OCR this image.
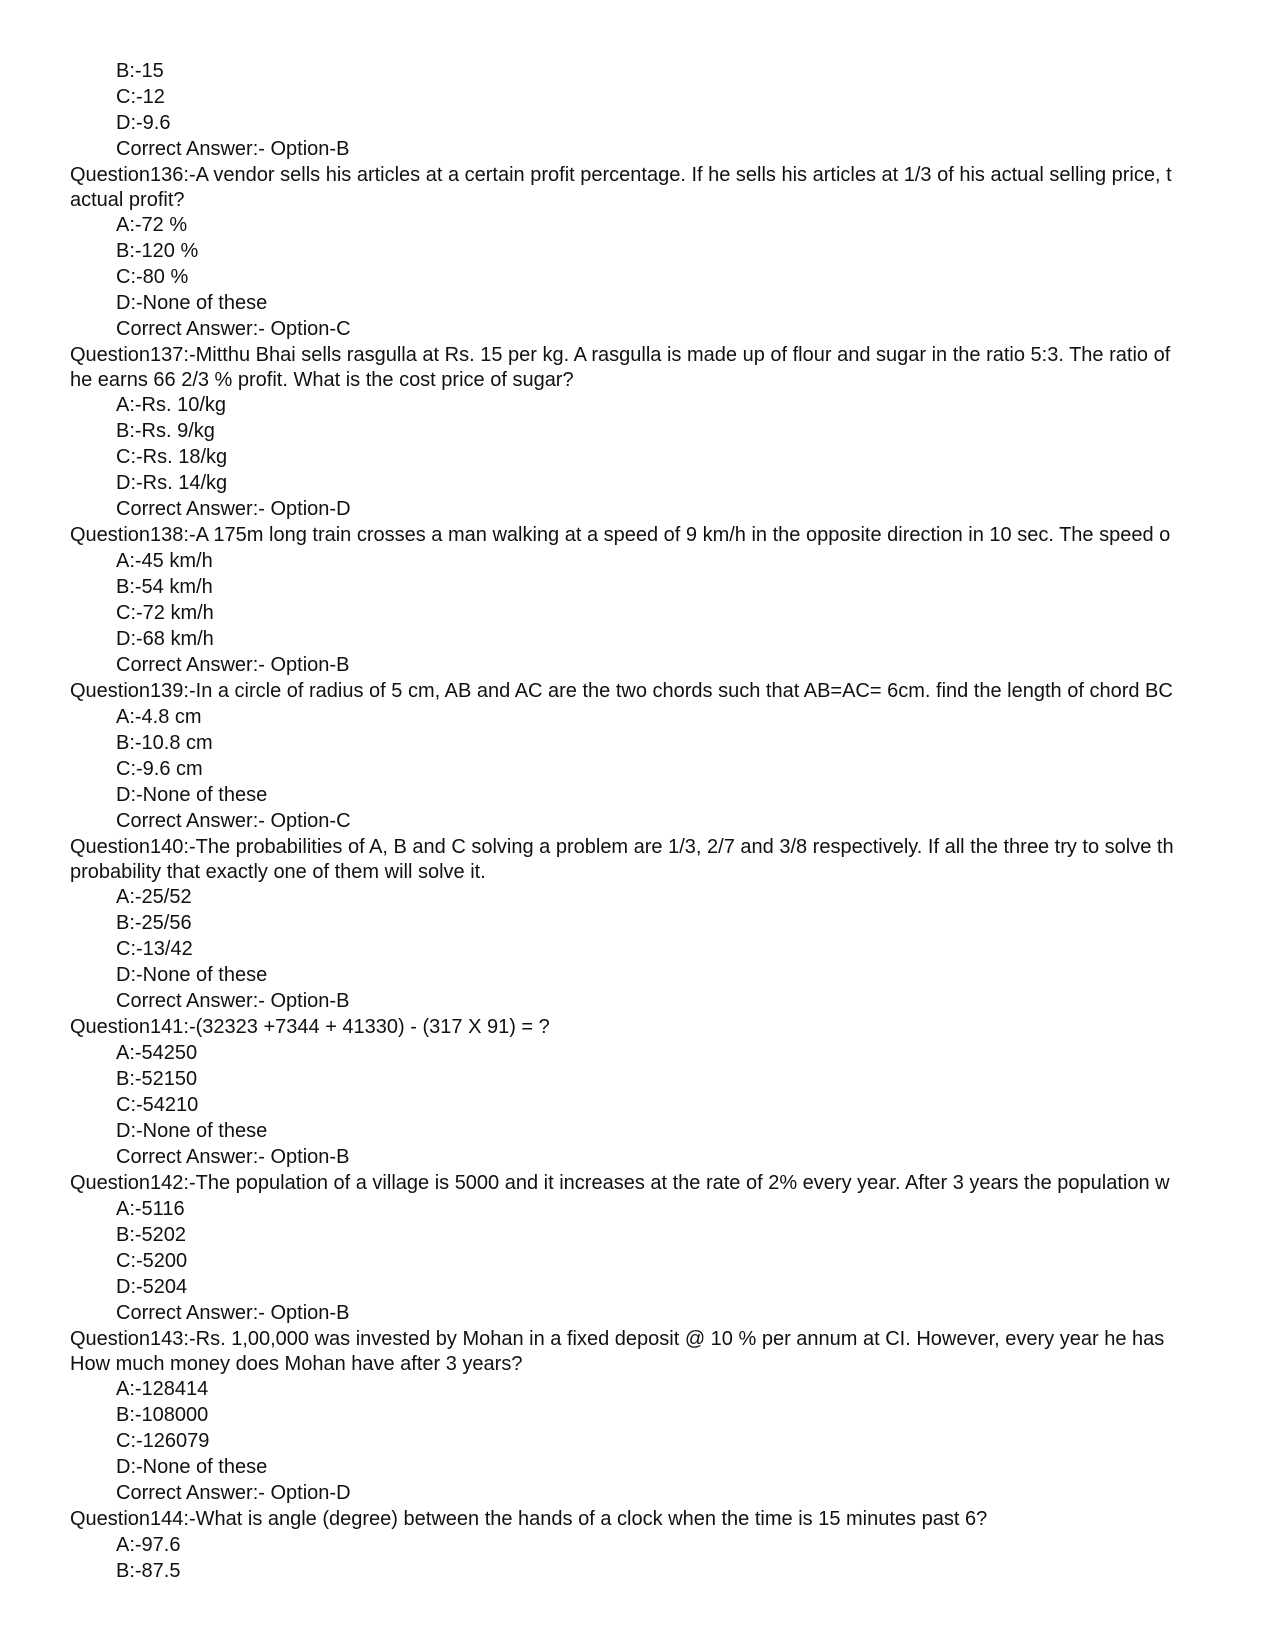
B:-15
C:-12
D:-9.6
Correct Answer:- Option-B
Question136:-A vendor sells his articles at a certain profit percentage. If he sells his articles at 1/3 of his actual selling price, t
actual profit?
A:-72 %
B:-120 %
C:-80 %
D:-None of these
Correct Answer:- Option-C
Question137:-Mitthu Bhai sells rasgulla at Rs. 15 per kg. A rasgulla is made up of flour and sugar in the ratio 5:3. The ratio of
he earns 66 2/3 % profit. What is the cost price of sugar?
A:-Rs. 10/kg
B:-Rs. 9/kg
C:-Rs. 18/kg
D:-Rs. 14/kg
Correct Answer:- Option-D
Question138:-A 175m long train crosses a man walking at a speed of 9 km/h in the opposite direction in 10 sec. The speed o
A:-45 km/h
B:-54 km/h
C:-72 km/h
D:-68 km/h
Correct Answer:- Option-B
Question139:-In a circle of radius of 5 cm, AB and AC are the two chords such that AB=AC= 6cm. find the length of chord BC
A:-4.8 cm
B:-10.8 cm
C:-9.6 cm
D:-None of these
Correct Answer:- Option-C
Question140:-The probabilities of A, B and C solving a problem are 1/3, 2/7 and 3/8 respectively. If all the three try to solve th
probability that exactly one of them will solve it.
A:-25/52
B:-25/56
C:-13/42
D:-None of these
Correct Answer:- Option-B
Question141:-(32323 +7344 + 41330) - (317 X 91) = ?
A:-54250
B:-52150
C:-54210
D:-None of these
Correct Answer:- Option-B
Question142:-The population of a village is 5000 and it increases at the rate of 2% every year. After 3 years the population w
A:-5116
B:-5202
C:-5200
D:-5204
Correct Answer:- Option-B
Question143:-Rs. 1,00,000 was invested by Mohan in a fixed deposit @ 10 % per annum at CI. However, every year he has
How much money does Mohan have after 3 years?
A:-128414
B:-108000
C:-126079
D:-None of these
Correct Answer:- Option-D
Question144:-What is angle (degree) between the hands of a clock when the time is 15 minutes past 6?
A:-97.6
B:-87.5
